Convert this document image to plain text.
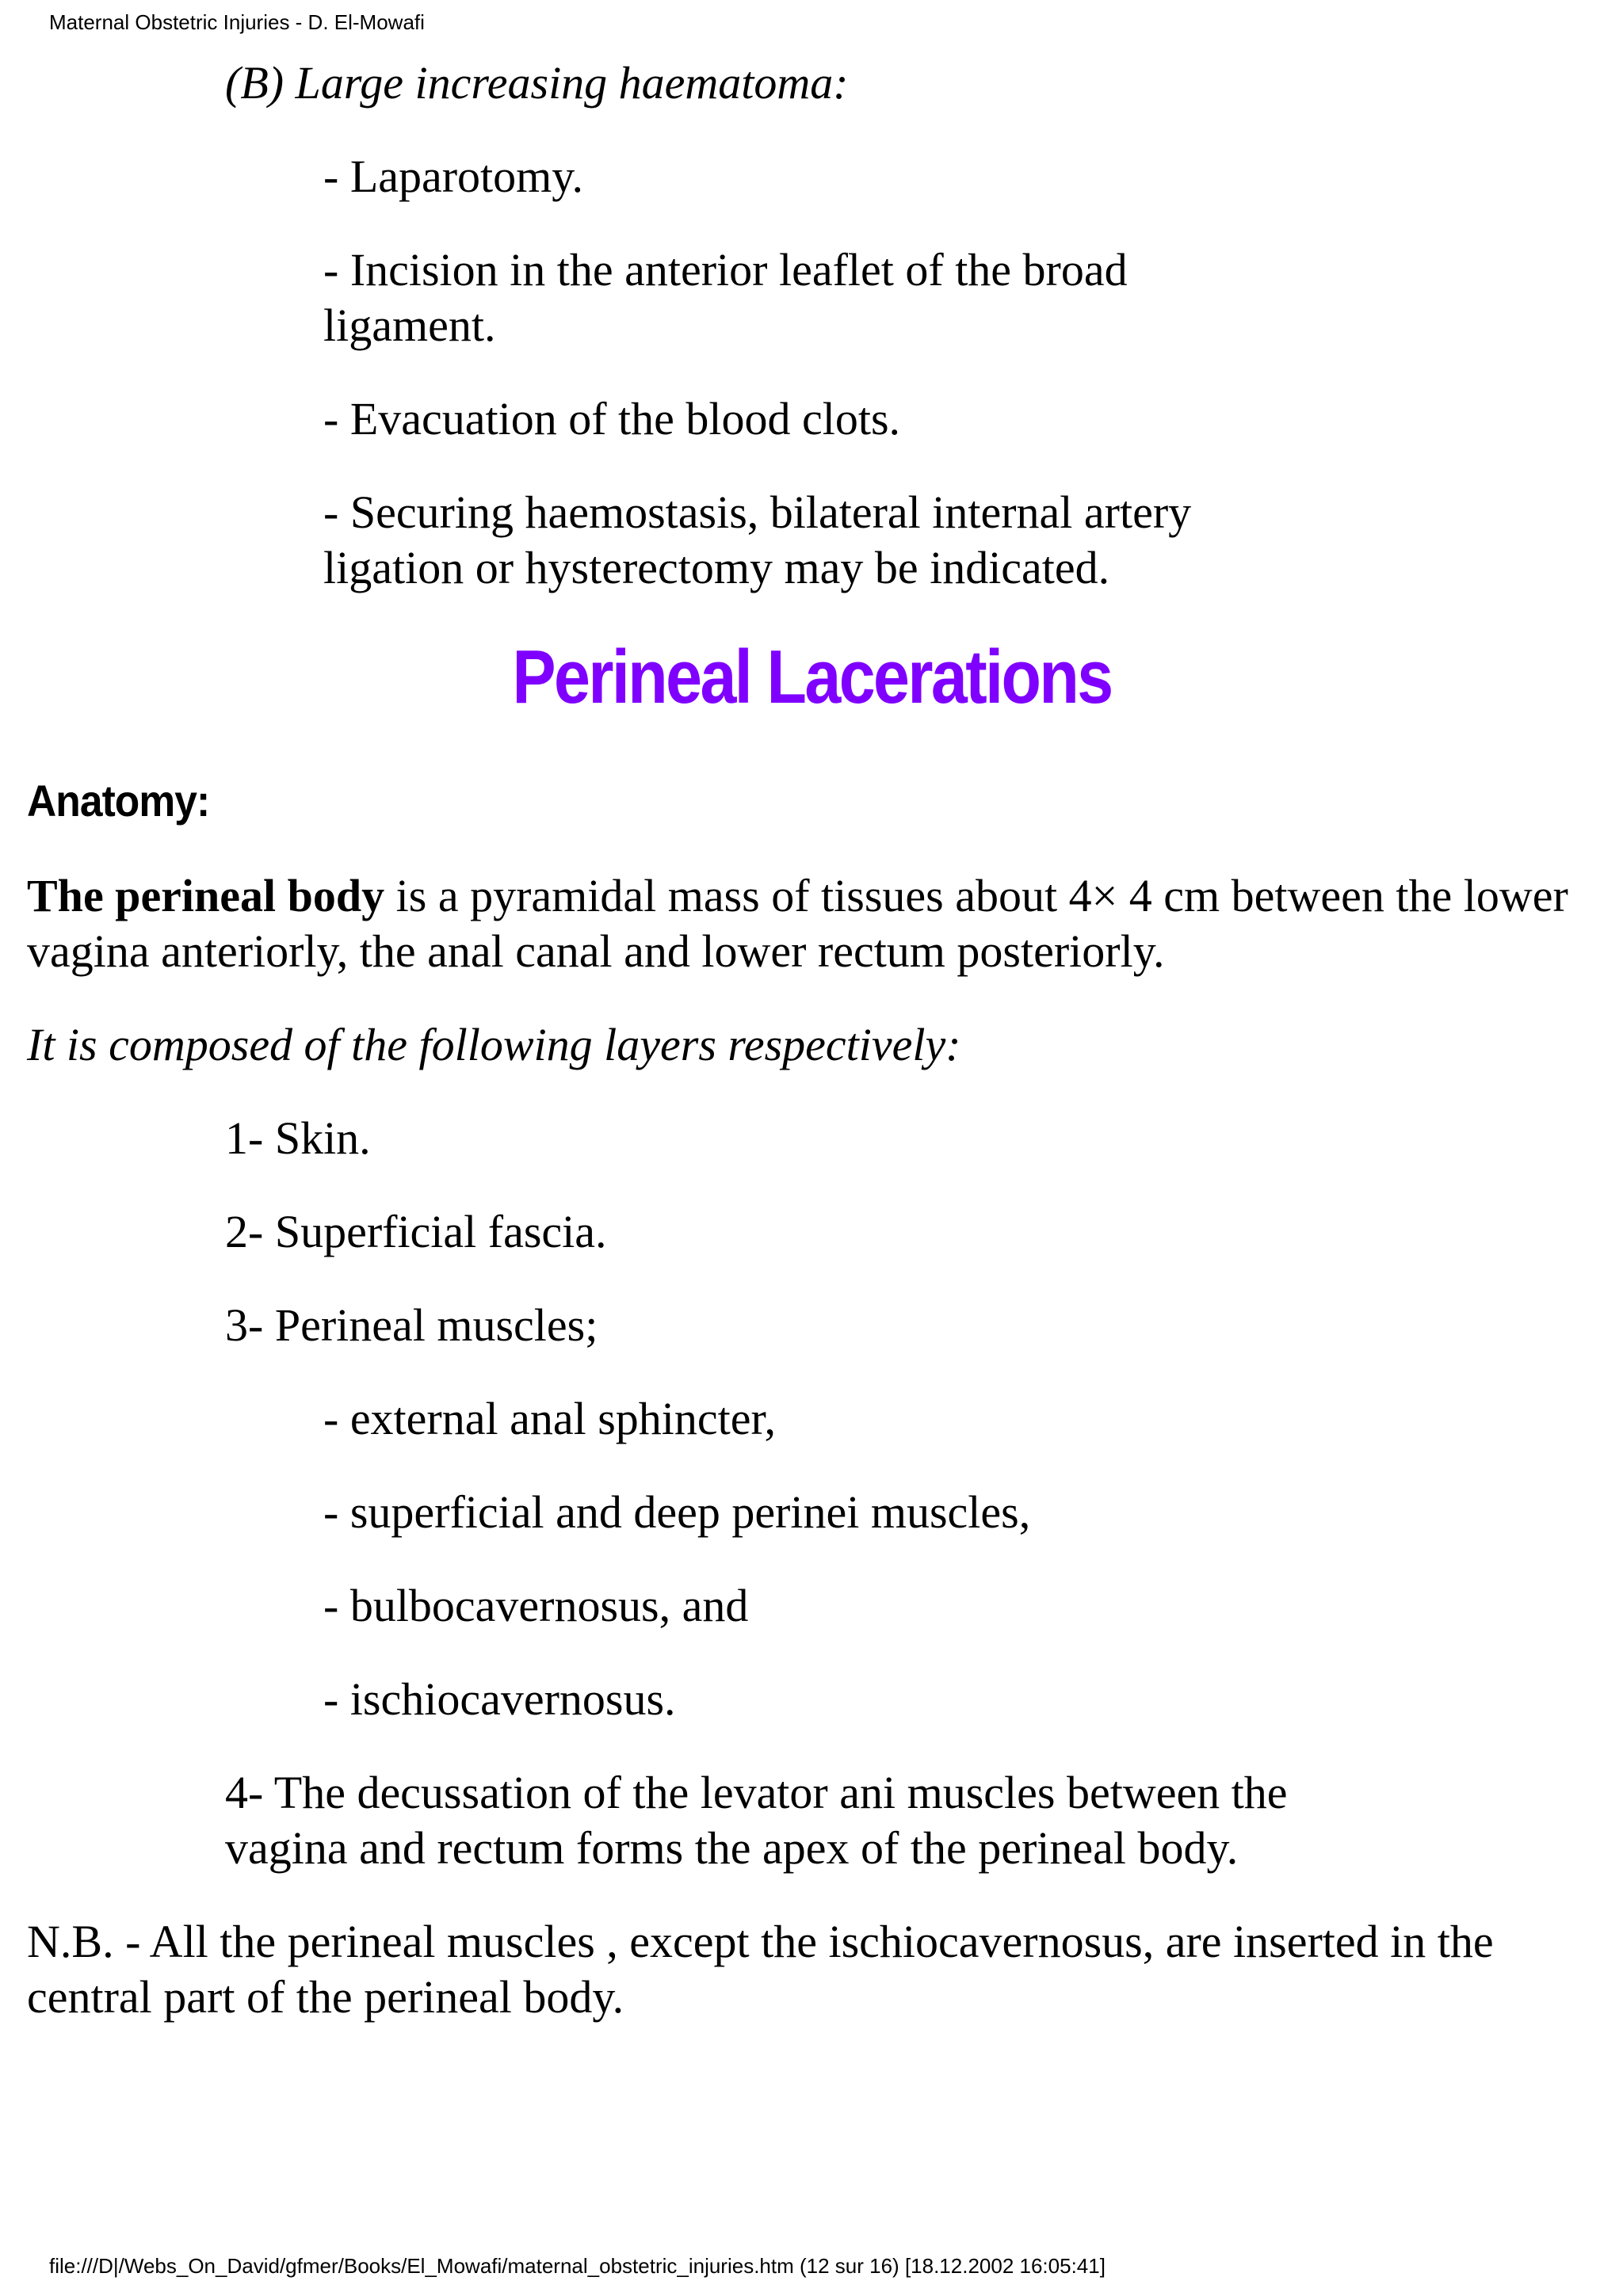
Maternal Obstetric Injuries - D. El-Mowafi

(B) Large increasing haematoma:

- Laparotomy.

- Incision in the anterior leaflet of the broad ligament.

- Evacuation of the blood clots.

- Securing haemostasis, bilateral internal artery ligation or hysterectomy may be indicated.

Perineal Lacerations
Anatomy:

The perineal body is a pyramidal mass of tissues about 4× 4 cm between the lower vagina anteriorly, the anal canal and lower rectum posteriorly.

It is composed of the following layers respectively:

1- Skin.

2- Superficial fascia.

3- Perineal muscles;

- external anal sphincter,

- superficial and deep perinei muscles,

- bulbocavernosus, and

- ischiocavernosus.

4- The decussation of the levator ani muscles between the vagina and rectum forms the apex of the perineal body.

N.B. - All the perineal muscles , except the ischiocavernosus, are inserted in the central part of the perineal body.

file:///D|/Webs_On_David/gfmer/Books/El_Mowafi/maternal_obstetric_injuries.htm (12 sur 16) [18.12.2002 16:05:41]
